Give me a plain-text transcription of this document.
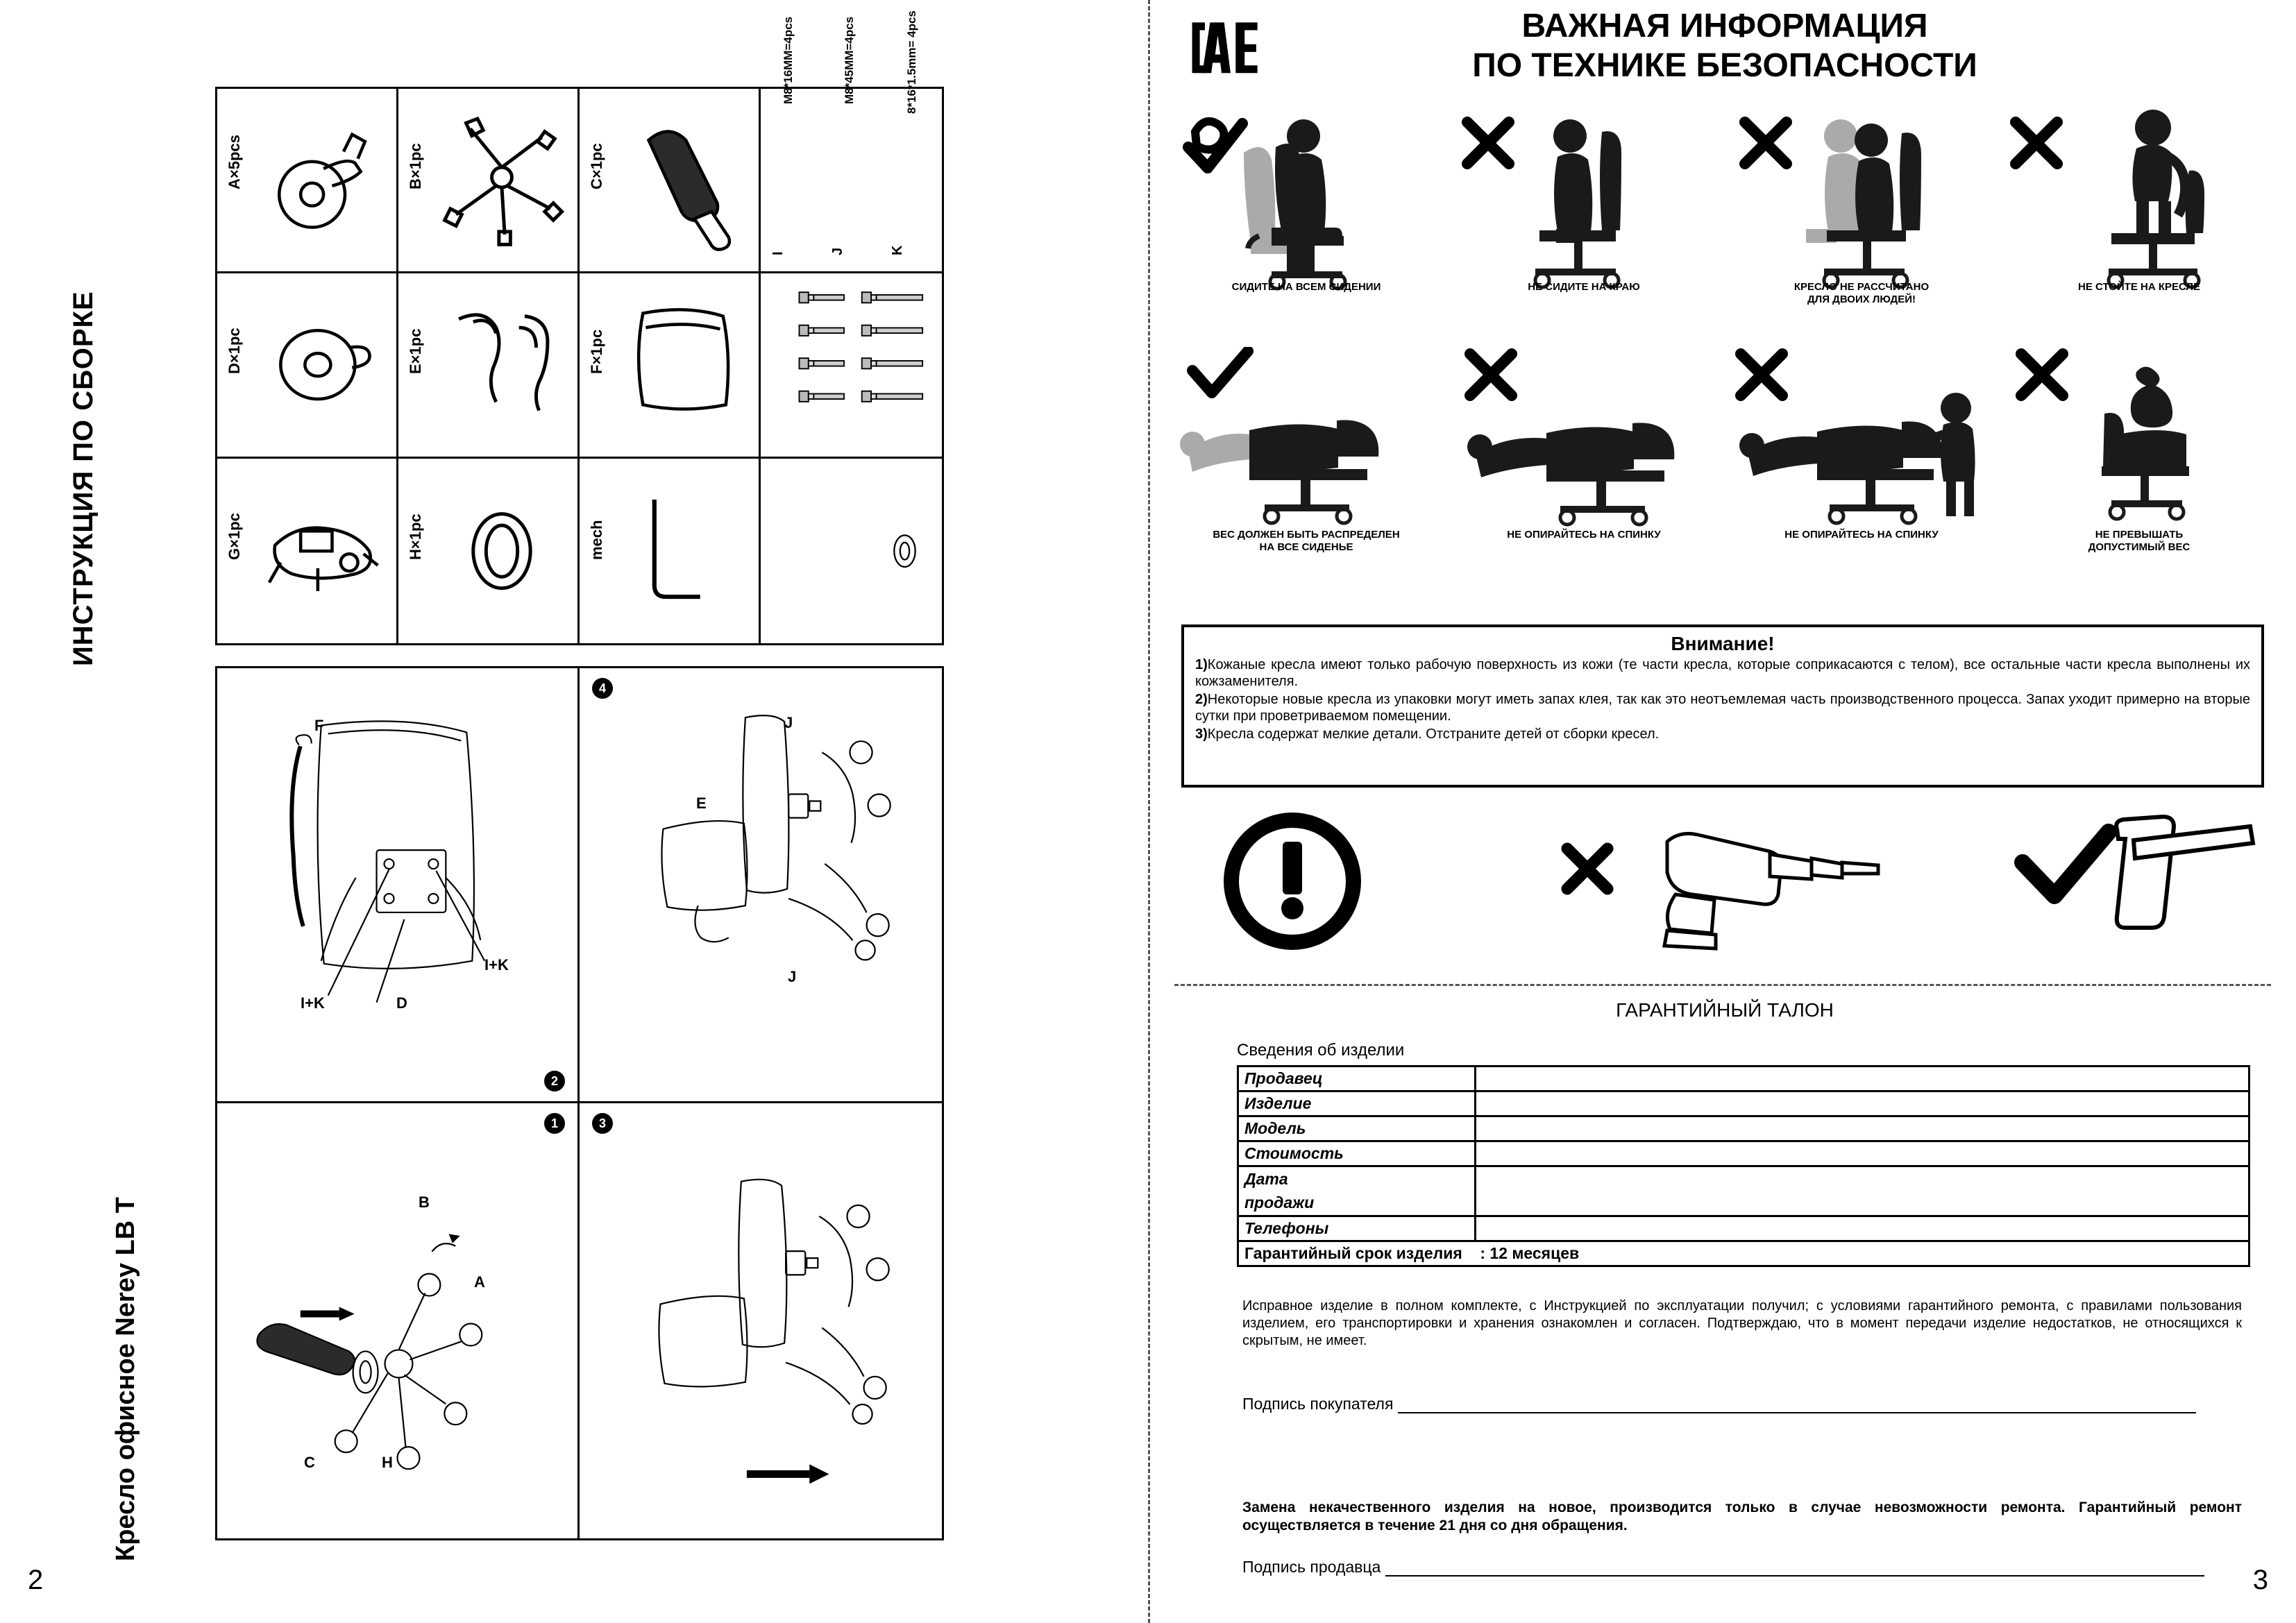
ИНСТРУКЦИЯ ПО СБОРКЕ
Кресло офисное Nerey LB T
2
A×5pcs	B×1pc	C×1pc
M8*16MM=4pcs
I
M8*45MM=4pcs
J
8*16*1.5mm= 4pcs
K
D×1pc	E×1pc	F×1pc
G×1pc	H×1pc	mech
F
I+K
I+K	D
2
J
E
J
4
B
A
C	H
1	3
ВАЖНАЯ ИНФОРМАЦИЯ
ПО ТЕХНИКЕ БЕЗОПАСНОСТИ
СИДИТЕ НА ВСЕМ СИДЕНИИ	НЕ СИДИТЕ НА КРАЮ	КРЕСЛО НЕ РАССЧИТАНО
ДЛЯ ДВОИХ ЛЮДЕЙ!
НЕ СТОЙТЕ НА КРЕСЛЕ
ВЕС ДОЛЖЕН БЫТЬ РАСПРЕДЕЛЕН
НА ВСЕ СИДЕНЬЕ
НЕ ОПИРАЙТЕСЬ НА СПИНКУ	НЕ ОПИРАЙТЕСЬ НА СПИНКУ	НЕ ПРЕВЫШАТЬ
ДОПУСТИМЫЙ ВЕС
Внимание!

1)Кожаные кресла имеют только рабочую поверхность из кожи (те части кресла, которые соприкасаются с телом), все остальные части кресла выполнены их кожзаменителя.

2)Некоторые новые кресла из упаковки могут иметь запах клея, так как это неотъемлемая часть производственного процесса. Запах уходит примерно на вторые сутки при проветриваемом помещении.

3)Кресла содержат мелкие детали. Отстраните детей от сборки кресел.

ГАРАНТИЙНЫЙ ТАЛОН
Сведения об изделии
Продавец	
Изделие	
Модель	
Стоимость	
Дата	
продажи	
Телефоны	
Гарантийный срок изделия : 12 месяцев	
Исправное изделие в полном комплекте, с Инструкцией по эксплуатации получил; с условиями гарантийного ремонта, с правилами пользования изделием, его транспортировки и хранения ознакомлен и согласен. Подтверждаю, что в момент передачи изделие недостатков, не относящихся к скрытым, не имеет.
Подпись покупателя
Замена некачественного изделия на новое, производится только в случае невозможности ремонта. Гарантийный ремонт осуществляется в течение 21 дня со дня обращения.
Подпись продавца	3
